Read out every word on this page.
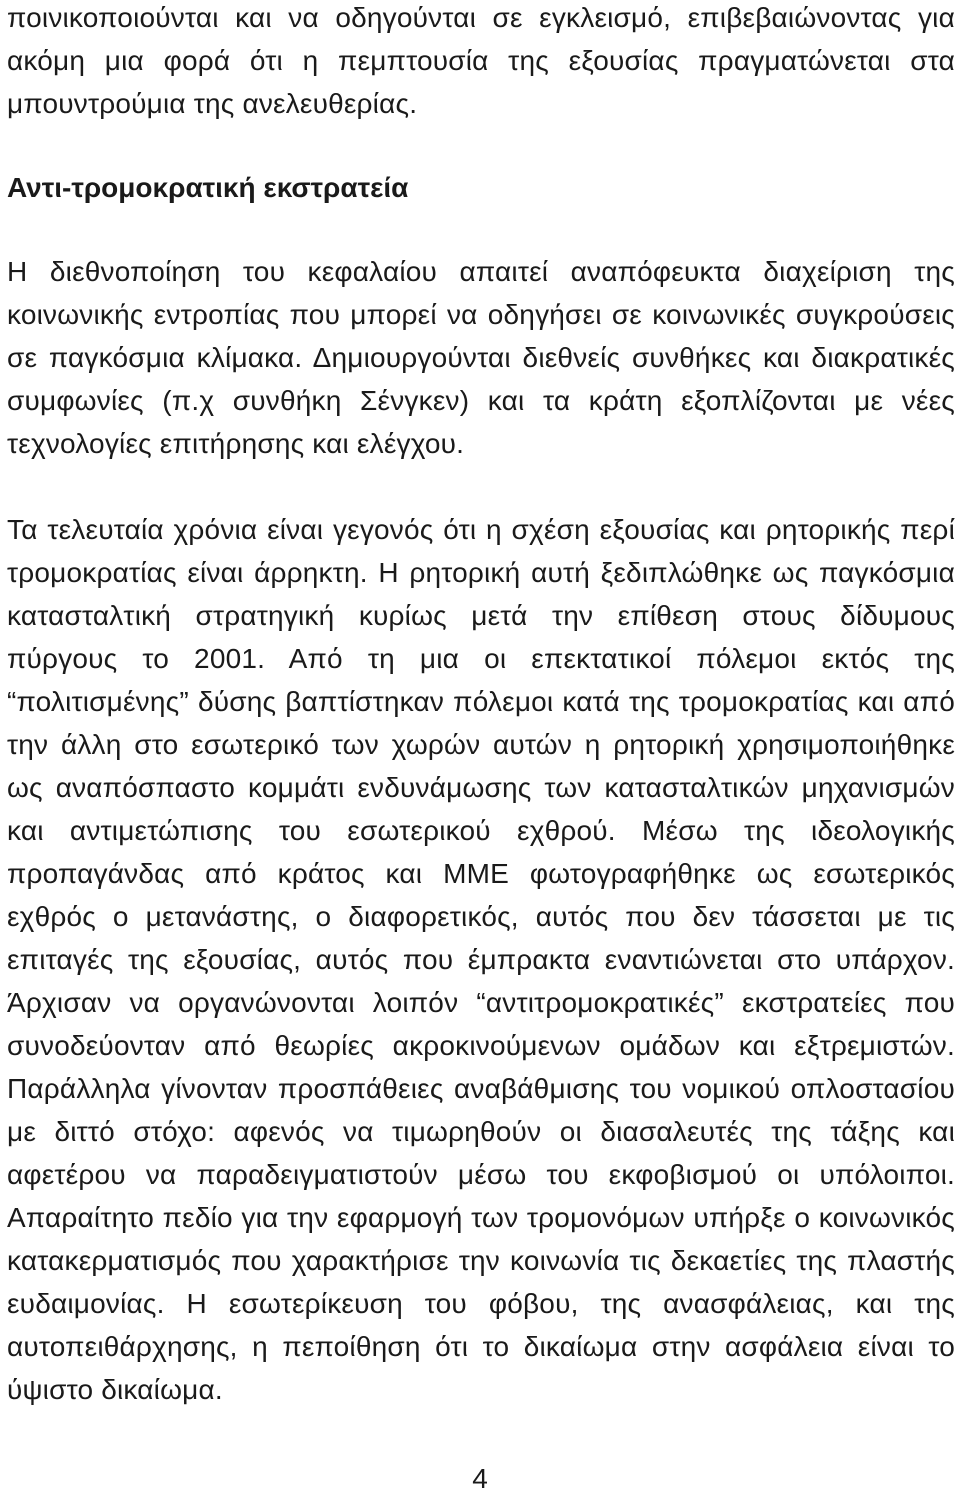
ποινικοποιούνται και να οδηγούνται σε εγκλεισμό, επιβεβαιώνοντας για ακόμη μια φορά ότι η πεμπτουσία της εξουσίας πραγματώνεται στα μπουντρούμια της ανελευθερίας.

Αντι-τρομοκρατική εκστρατεία

Η διεθνοποίηση του κεφαλαίου απαιτεί αναπόφευκτα διαχείριση της κοινωνικής εντροπίας που μπορεί να οδηγήσει σε κοινωνικές συγκρούσεις σε παγκόσμια κλίμακα. Δημιουργούνται διεθνείς συνθήκες και διακρατικές συμφωνίες (π.χ συνθήκη Σένγκεν) και τα κράτη εξοπλίζονται με νέες τεχνολογίες επιτήρησης και ελέγχου.

Τα τελευταία χρόνια είναι γεγονός ότι η σχέση εξουσίας και ρητορικής περί τρομοκρατίας είναι άρρηκτη. Η ρητορική αυτή ξεδιπλώθηκε ως παγκόσμια κατασταλτική στρατηγική κυρίως μετά την επίθεση στους δίδυμους πύργους το 2001. Από τη μια οι επεκτατικοί πόλεμοι εκτός της “πολιτισμένης” δύσης βαπτίστηκαν πόλεμοι κατά της τρομοκρατίας και από την άλλη στο εσωτερικό των χωρών αυτών η ρητορική χρησιμοποιήθηκε ως αναπόσπαστο κομμάτι ενδυνάμωσης των κατασταλτικών μηχανισμών και αντιμετώπισης του εσωτερικού εχθρού. Μέσω της ιδεολογικής προπαγάνδας από κράτος και ΜΜΕ φωτογραφήθηκε ως εσωτερικός εχθρός ο μετανάστης, ο διαφορετικός, αυτός που δεν τάσσεται με τις επιταγές της εξουσίας, αυτός που έμπρακτα εναντιώνεται στο υπάρχον. Άρχισαν να οργανώνονται λοιπόν “αντιτρομοκρατικές” εκστρατείες που συνοδεύονταν από θεωρίες ακροκινούμενων ομάδων και εξτρεμιστών. Παράλληλα γίνονταν προσπάθειες αναβάθμισης του νομικού οπλοστασίου με διττό στόχο: αφενός να τιμωρηθούν οι διασαλευτές της τάξης και αφετέρου να παραδειγματιστούν μέσω του εκφοβισμού οι υπόλοιποι. Απαραίτητο πεδίο για την εφαρμογή των τρομονόμων υπήρξε ο κοινωνικός κατακερματισμός που χαρακτήρισε την κοινωνία τις δεκαετίες της πλαστής ευδαιμονίας. Η εσωτερίκευση του φόβου, της ανασφάλειας, και της αυτοπειθάρχησης, η πεποίθηση ότι το δικαίωμα στην ασφάλεια είναι το ύψιστο δικαίωμα.

4
